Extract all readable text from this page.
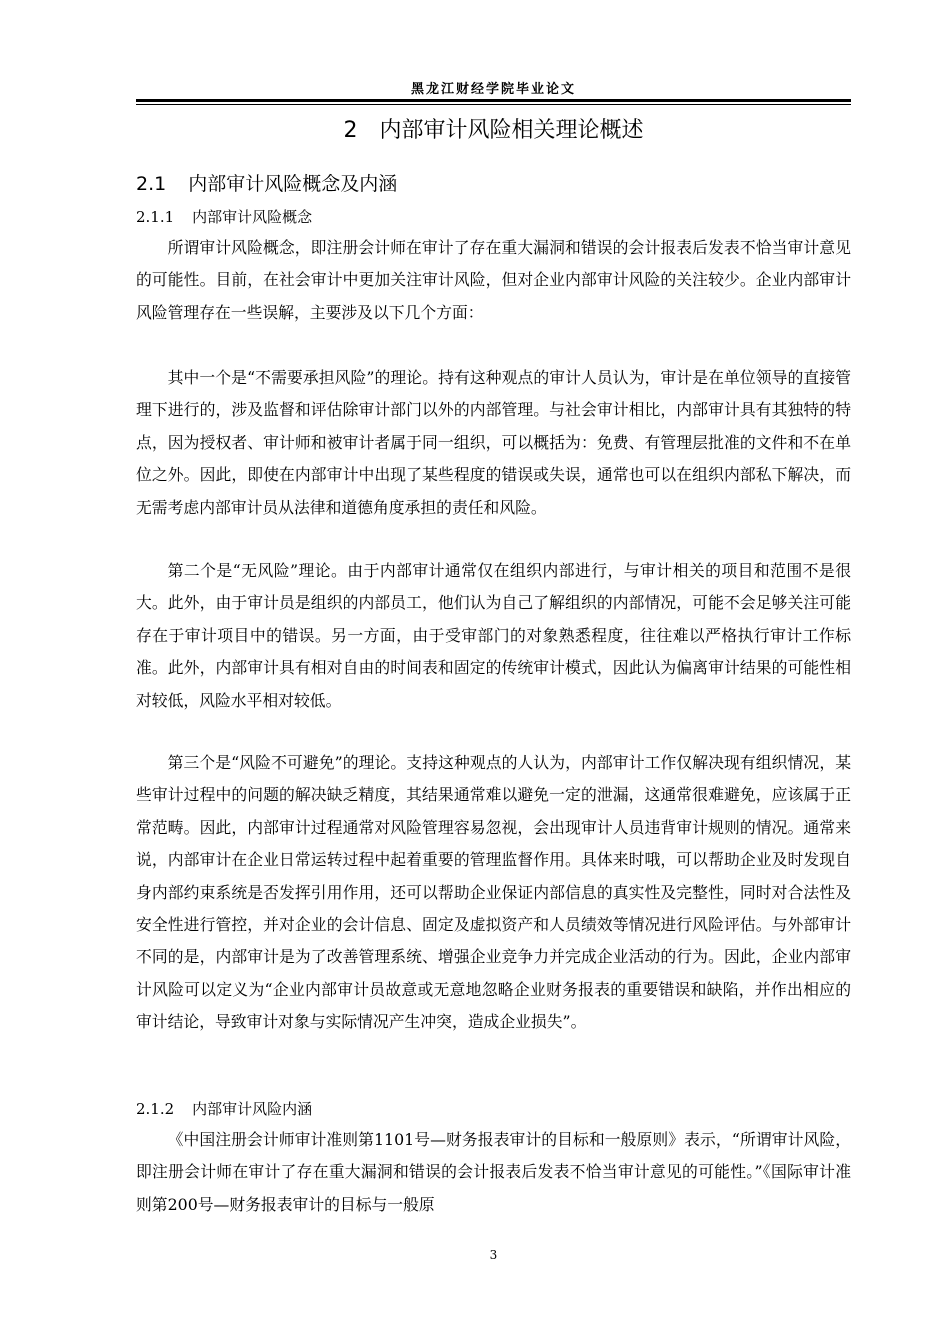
黑龙江财经学院毕业论文
2 内部审计风险相关理论概述
2.1 内部审计风险概念及内涵
2.1.1 内部审计风险概念

所谓审计风险概念，即注册会计师在审计了存在重大漏洞和错误的会计报表后发表不恰当审计意见的可能性。目前，在社会审计中更加关注审计风险，但对企业内部审计风险的关注较少。企业内部审计风险管理存在一些误解，主要涉及以下几个方面：

其中一个是“不需要承担风险”的理论。持有这种观点的审计人员认为，审计是在单位领导的直接管理下进行的，涉及监督和评估除审计部门以外的内部管理。与社会审计相比，内部审计具有其独特的特点，因为授权者、审计师和被审计者属于同一组织，可以概括为：免费、有管理层批准的文件和不在单位之外。因此，即使在内部审计中出现了某些程度的错误或失误，通常也可以在组织内部私下解决，而无需考虑内部审计员从法律和道德角度承担的责任和风险。

第二个是“无风险”理论。由于内部审计通常仅在组织内部进行，与审计相关的项目和范围不是很大。此外，由于审计员是组织的内部员工，他们认为自己了解组织的内部情况，可能不会足够关注可能存在于审计项目中的错误。另一方面，由于受审部门的对象熟悉程度，往往难以严格执行审计工作标准。此外，内部审计具有相对自由的时间表和固定的传统审计模式，因此认为偏离审计结果的可能性相对较低，风险水平相对较低。

第三个是“风险不可避免”的理论。支持这种观点的人认为，内部审计工作仅解决现有组织情况，某些审计过程中的问题的解决缺乏精度，其结果通常难以避免一定的泄漏，这通常很难避免，应该属于正常范畴。因此，内部审计过程通常对风险管理容易忽视，会出现审计人员违背审计规则的情况。通常来说，内部审计在企业日常运转过程中起着重要的管理监督作用。具体来时哦，可以帮助企业及时发现自身内部约束系统是否发挥引用作用，还可以帮助企业保证内部信息的真实性及完整性，同时对合法性及安全性进行管控，并对企业的会计信息、固定及虚拟资产和人员绩效等情况进行风险评估。与外部审计不同的是，内部审计是为了改善管理系统、增强企业竞争力并完成企业活动的行为。因此，企业内部审计风险可以定义为“企业内部审计员故意或无意地忽略企业财务报表的重要错误和缺陷，并作出相应的审计结论，导致审计对象与实际情况产生冲突，造成企业损失”。

2.1.2 内部审计风险内涵

《中国注册会计师审计准则第1101号—财务报表审计的目标和一般原则》表示，“所谓审计风险，即注册会计师在审计了存在重大漏洞和错误的会计报表后发表不恰当审计意见的可能性。”《国际审计准则第200号—财务报表审计的目标与一般原

3
